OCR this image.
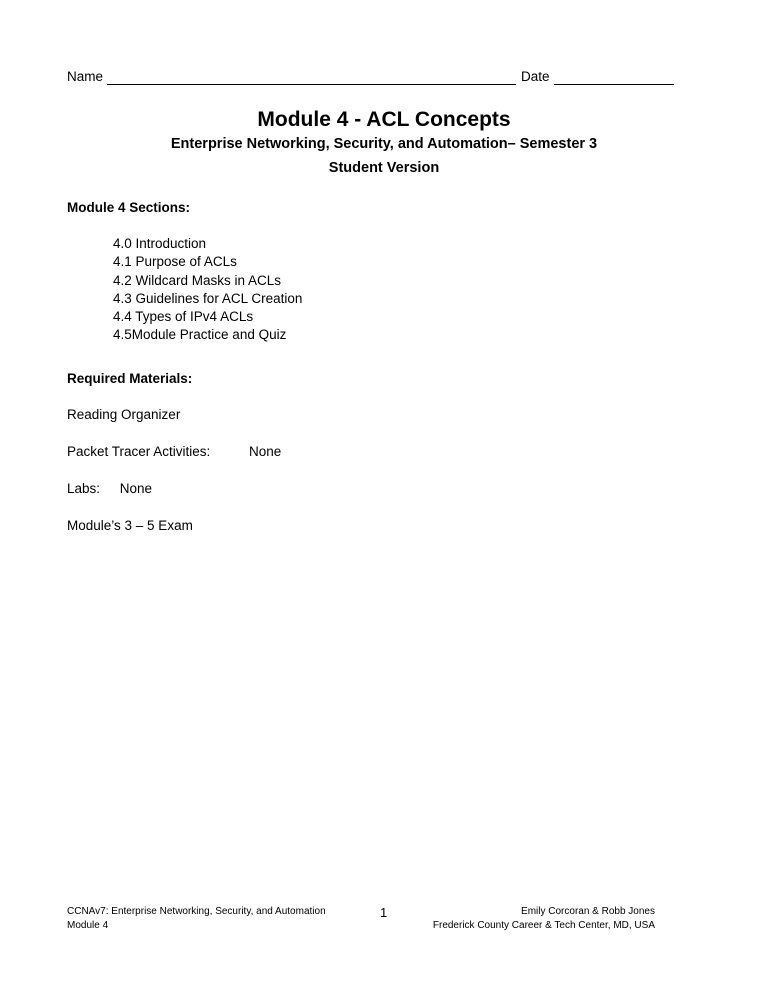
Name	Date
Module 4 - ACL Concepts
Enterprise Networking, Security, and Automation– Semester 3
Student Version
Module 4 Sections:
4.0 Introduction
4.1 Purpose of ACLs
4.2 Wildcard Masks in ACLs
4.3 Guidelines for ACL Creation
4.4 Types of IPv4 ACLs
4.5Module Practice and Quiz
Required Materials:
Reading Organizer
Packet Tracer Activities:	None
Labs: None
Module’s 3 – 5 Exam
CCNAv7: Enterprise Networking, Security, and Automation
Module 4
1	Emily Corcoran & Robb Jones
Frederick County Career & Tech Center, MD, USA
